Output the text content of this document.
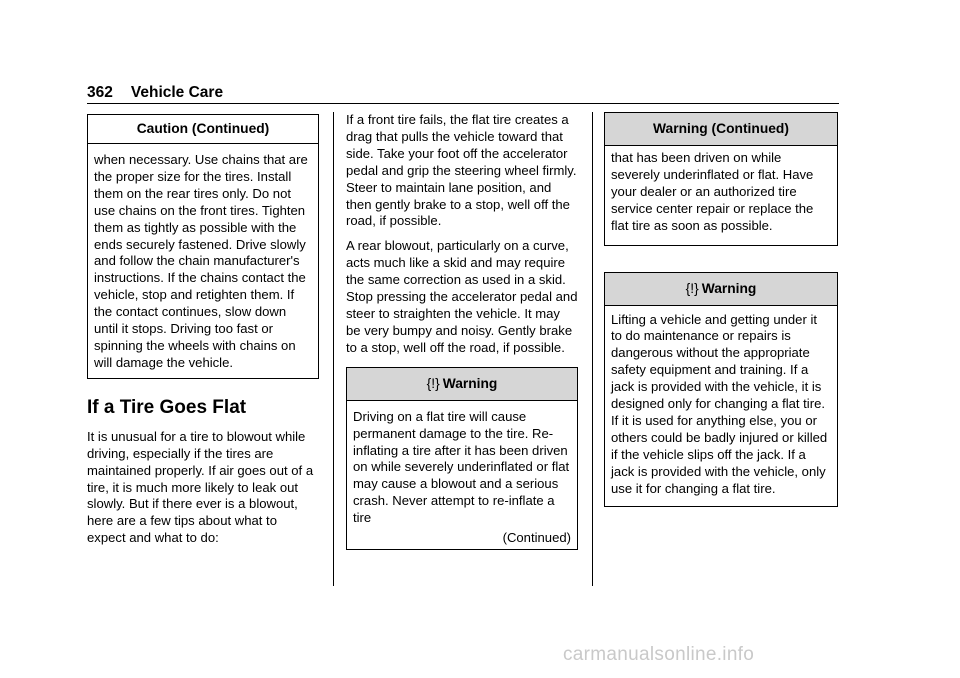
362 Vehicle Care
Caution (Continued)
when necessary. Use chains that are the proper size for the tires. Install them on the rear tires only. Do not use chains on the front tires. Tighten them as tightly as possible with the ends securely fastened. Drive slowly and follow the chain manufacturer's instructions. If the chains contact the vehicle, stop and retighten them. If the contact continues, slow down until it stops. Driving too fast or spinning the wheels with chains on will damage the vehicle.
If a Tire Goes Flat

It is unusual for a tire to blowout while driving, especially if the tires are maintained properly. If air goes out of a tire, it is much more likely to leak out slowly. But if there ever is a blowout, here are a few tips about what to expect and what to do:

If a front tire fails, the flat tire creates a drag that pulls the vehicle toward that side. Take your foot off the accelerator pedal and grip the steering wheel firmly. Steer to maintain lane position, and then gently brake to a stop, well off the road, if possible.

A rear blowout, particularly on a curve, acts much like a skid and may require the same correction as used in a skid. Stop pressing the accelerator pedal and steer to straighten the vehicle. It may be very bumpy and noisy. Gently brake to a stop, well off the road, if possible.

{!} Warning
Driving on a flat tire will cause permanent damage to the tire. Re-inflating a tire after it has been driven on while severely underinflated or flat may cause a blowout and a serious crash. Never attempt to re-inflate a tire
(Continued)
Warning (Continued)
that has been driven on while severely underinflated or flat. Have your dealer or an authorized tire service center repair or replace the flat tire as soon as possible.
{!} Warning
Lifting a vehicle and getting under it to do maintenance or repairs is dangerous without the appropriate safety equipment and training. If a jack is provided with the vehicle, it is designed only for changing a flat tire. If it is used for anything else, you or others could be badly injured or killed if the vehicle slips off the jack. If a jack is provided with the vehicle, only use it for changing a flat tire.
carmanualsonline.info
